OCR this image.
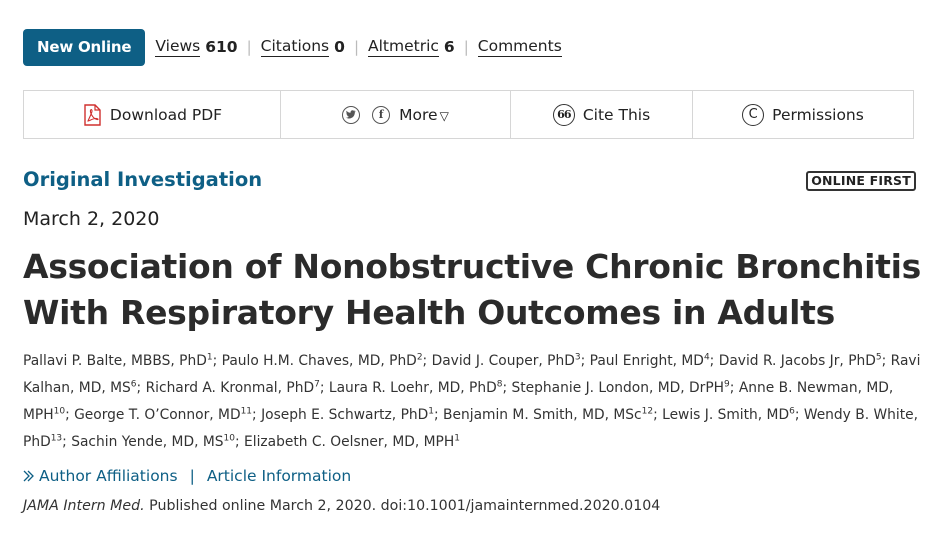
New Online	Views 610 | Citations 0 | Altmetric 6 | Comments
Download PDF	f	More ▽	66 Cite This	C Permissions
Original Investigation	ONLINE FIRST
March 2, 2020
Association of Nonobstructive Chronic Bronchitis With Respiratory Health Outcomes in Adults
Pallavi P. Balte, MBBS, PhD$^1$; Paulo H.M. Chaves, MD, PhD$^2$; David J. Couper, PhD$^3$; Paul Enright, $MD^4$; David R. Jacobs Jr, PhD$^5$; Ravi Kalhan, MD, $MS^6$; Richard A. Kronmal, PhD$^7$; Laura R. Loehr, MD, PhD$^8$; Stephanie J. London, MD, DrPH$^9$; Anne B. Newman, MD, MPH$^{10}$; George T. O’Connor, MD$^{11}$; Joseph E. Schwartz, PhD$^1$; Benjamin M. Smith, MD, MSc$^{12}$; Lewis J. Smith, $MD^6$; Wendy B. White, PhD$^{13}$; Sachin Yende, MD, MS$^{10}$; Elizabeth C. Oelsner, MD, MPH$^1$
Author Affiliations | Article Information
JAMA Intern Med. Published online March 2, 2020. doi:10.1001/jamainternmed.2020.0104
